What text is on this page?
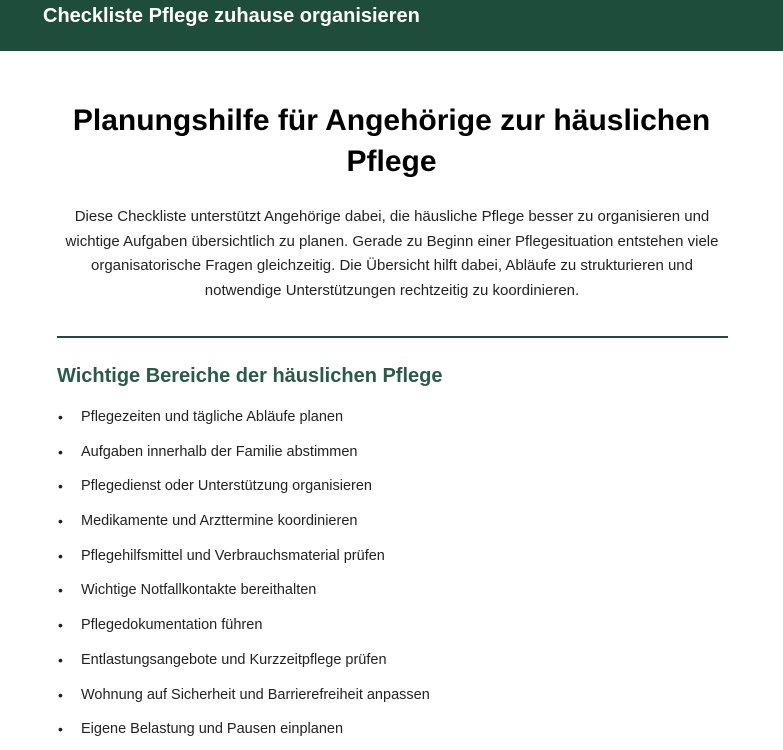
Checkliste Pflege zuhause organisieren
Planungshilfe für Angehörige zur häuslichen Pflege

Diese Checkliste unterstützt Angehörige dabei, die häusliche Pflege besser zu organisieren und wichtige Aufgaben übersichtlich zu planen. Gerade zu Beginn einer Pflegesituation entstehen viele organisatorische Fragen gleichzeitig. Die Übersicht hilft dabei, Abläufe zu strukturieren und notwendige Unterstützungen rechtzeitig zu koordinieren.

Wichtige Bereiche der häuslichen Pflege
• Pflegezeiten und tägliche Abläufe planen
• Aufgaben innerhalb der Familie abstimmen
• Pflegedienst oder Unterstützung organisieren
• Medikamente und Arzttermine koordinieren
• Pflegehilfsmittel und Verbrauchsmaterial prüfen
• Wichtige Notfallkontakte bereithalten
• Pflegedokumentation führen
• Entlastungsangebote und Kurzzeitpflege prüfen
• Wohnung auf Sicherheit und Barrierefreiheit anpassen
• Eigene Belastung und Pausen einplanen
